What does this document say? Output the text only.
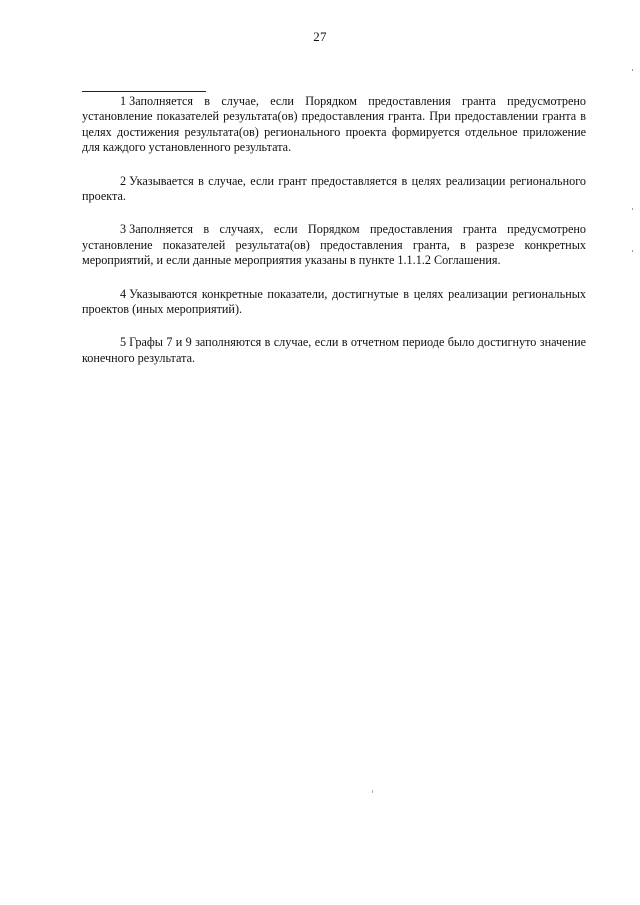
27

1 Заполняется в случае, если Порядком предоставления гранта предусмотрено установление показателей результата(ов) предоставления гранта. При предоставлении гранта в целях достижения результата(ов) регионального проекта формируется отдельное приложение для каждого установленного результата.

2 Указывается в случае, если грант предоставляется в целях реализации регионального проекта.

3 Заполняется в случаях, если Порядком предоставления гранта предусмотрено установление показателей результата(ов) предоставления гранта, в разрезе конкретных мероприятий, и если данные мероприятия указаны в пункте 1.1.1.2 Соглашения.

4 Указываются конкретные показатели, достигнутые в целях реализации региональных проектов (иных мероприятий).

5 Графы 7 и 9 заполняются в случае, если в отчетном периоде было достигнуто значение конечного результата.
